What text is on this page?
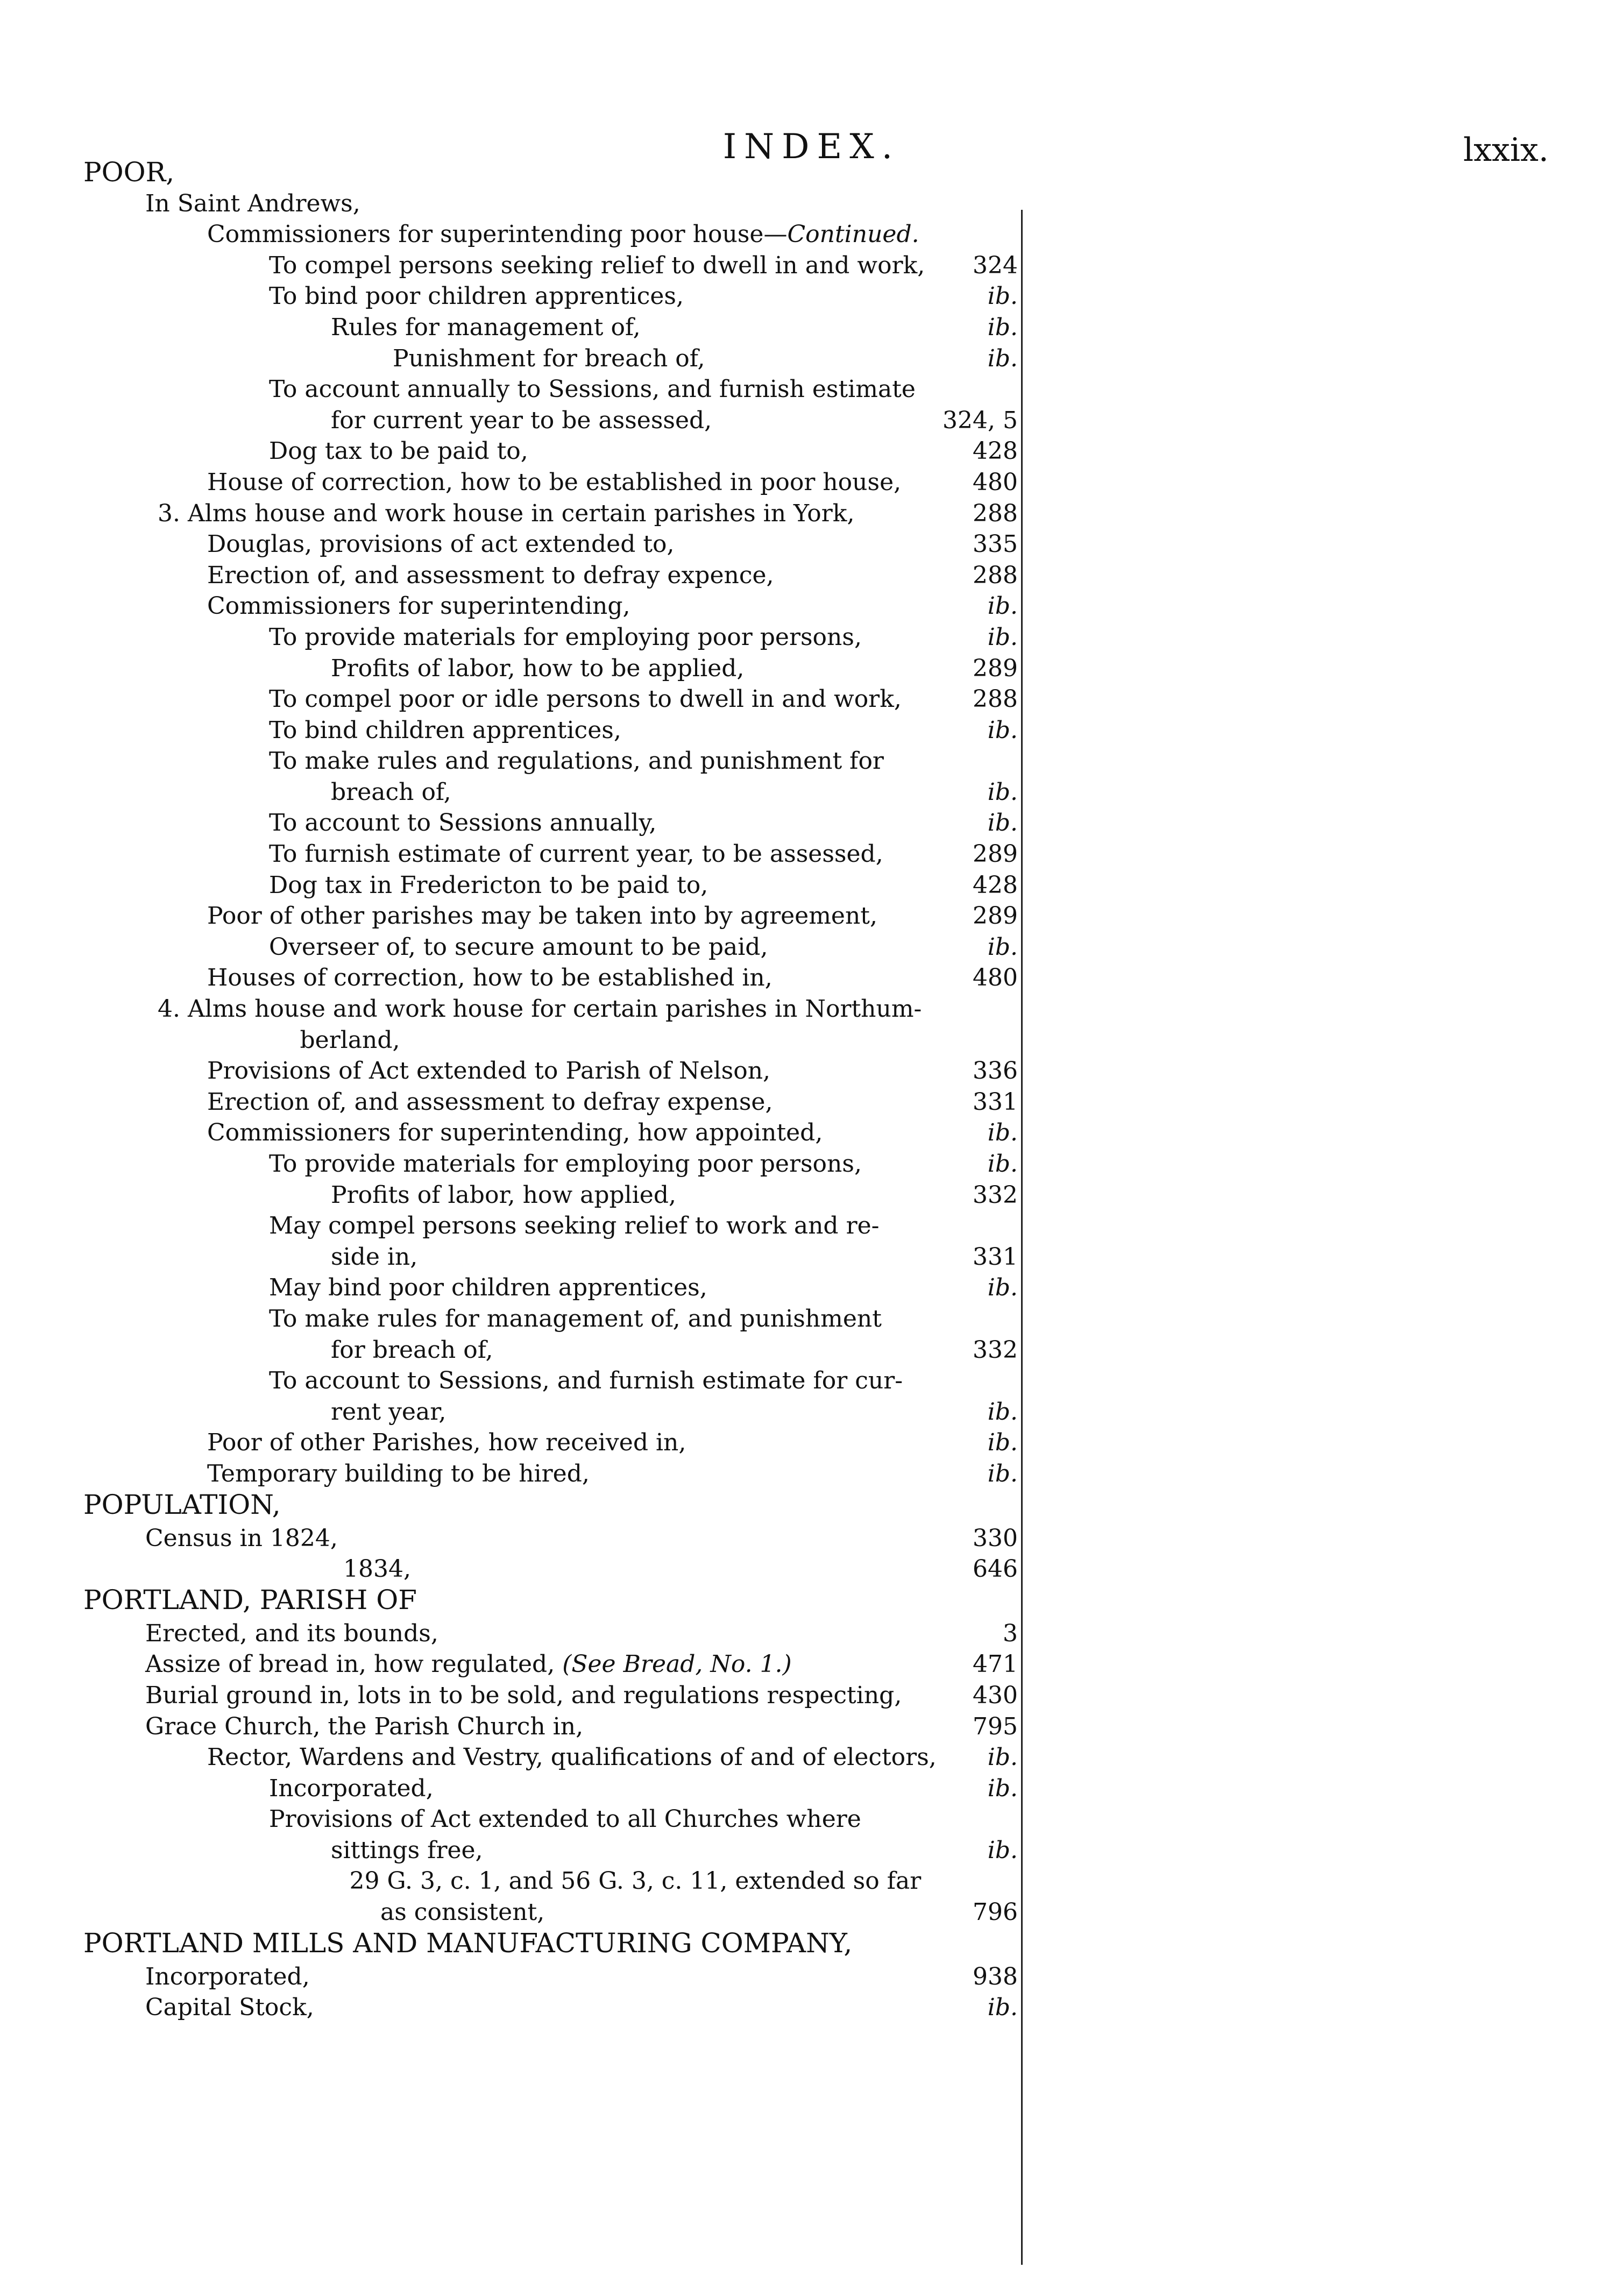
INDEX.	lxxix.
POOR,
In Saint Andrews,
Commissioners for superintending poor house—Continued.
To compel persons seeking relief to dwell in and work, 324
To bind poor children apprentices,	ib.
Rules for management of,	ib.
Punishment for breach of,	ib.
To account annually to Sessions, and furnish estimate
for current year to be assessed,	324, 5
Dog tax to be paid to,	428
House of correction, how to be established in poor house,	480
3. Alms house and work house in certain parishes in York,	288
Douglas, provisions of act extended to,	335
Erection of, and assessment to defray expence,	288
Commissioners for superintending,	ib.
To provide materials for employing poor persons,	ib.
Profits of labor, how to be applied,	289
To compel poor or idle persons to dwell in and work,	288
To bind children apprentices,	ib.
To make rules and regulations, and punishment for
breach of,	ib.
To account to Sessions annually,	ib.
To furnish estimate of current year, to be assessed,	289
Dog tax in Fredericton to be paid to,	428
Poor of other parishes may be taken into by agreement,	289
Overseer of, to secure amount to be paid,	ib.
Houses of correction, how to be established in,	480
4. Alms house and work house for certain parishes in Northum-
berland,
Provisions of Act extended to Parish of Nelson,	336
Erection of, and assessment to defray expense,	331
Commissioners for superintending, how appointed,	ib.
To provide materials for employing poor persons,	ib.
Profits of labor, how applied,	332
May compel persons seeking relief to work and re-
side in,	331
May bind poor children apprentices,	ib.
To make rules for management of, and punishment
for breach of,	332
To account to Sessions, and furnish estimate for cur-
rent year,	ib.
Poor of other Parishes, how received in,	ib.
Temporary building to be hired,	ib.
POPULATION,
Census in 1824,	330
1834,	646
PORTLAND, PARISH OF
Erected, and its bounds,	3
Assize of bread in, how regulated, (See Bread, No. 1.)	471
Burial ground in, lots in to be sold, and regulations respecting,	430
Grace Church, the Parish Church in,	795
Rector, Wardens and Vestry, qualifications of and of electors, ib.
Incorporated,	ib.
Provisions of Act extended to all Churches where
sittings free,	ib.
29 G. 3, c. 1, and 56 G. 3, c. 11, extended so far
as consistent,	796
PORTLAND MILLS AND MANUFACTURING COMPANY,
Incorporated,	938
Capital Stock,	ib.
